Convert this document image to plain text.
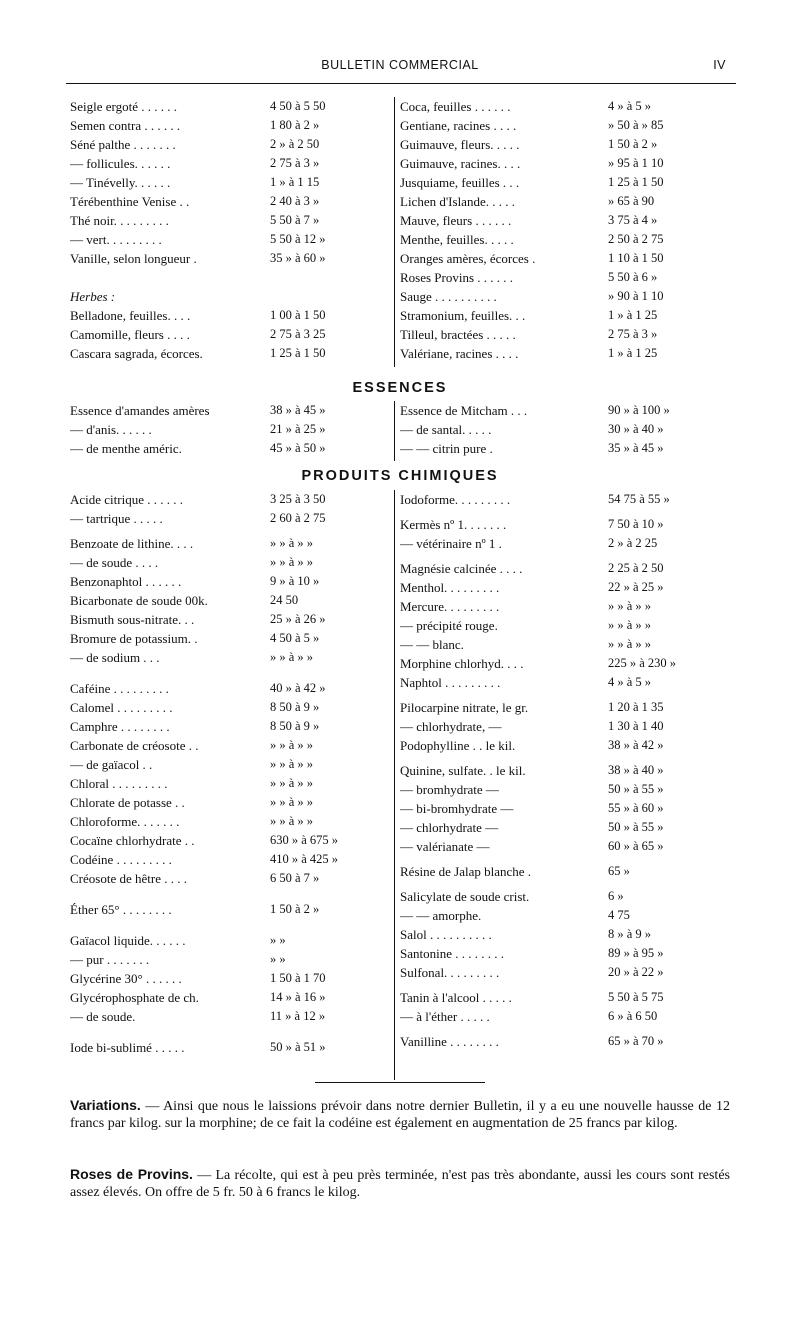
BULLETIN COMMERCIAL	IV
Seigle ergoté . . . . . .	4 50 à 5 50
Semen contra . . . . . .	1 80 à 2 »
Séné palthe . . . . . . .	2 » à 2 50
— follicules. . . . . .	2 75 à 3 »
— Tinévelly. . . . . .	1 » à 1 15
Térébenthine Venise . .	2 40 à 3 »
Thé noir. . . . . . . . .	5 50 à 7 »
— vert. . . . . . . . .	5 50 à 12 »
Vanille, selon longueur .	35 » à 60 »
Herbes :
Belladone, feuilles. . . .	1 00 à 1 50
Camomille, fleurs . . . .	2 75 à 3 25
Cascara sagrada, écorces.	1 25 à 1 50
Coca, feuilles . . . . . .	4 » à 5 »
Gentiane, racines . . . .	» 50 à » 85
Guimauve, fleurs. . . . .	1 50 à 2 »
Guimauve, racines. . . .	» 95 à 1 10
Jusquiame, feuilles . . .	1 25 à 1 50
Lichen d'Islande. . . . .	» 65 à 90
Mauve, fleurs . . . . . .	3 75 à 4 »
Menthe, feuilles. . . . .	2 50 à 2 75
Oranges amères, écorces .	1 10 à 1 50
Roses Provins . . . . . .	5 50 à 6 »
Sauge . . . . . . . . . .	» 90 à 1 10
Stramonium, feuilles. . .	1 » à 1 25
Tilleul, bractées . . . . .	2 75 à 3 »
Valériane, racines . . . .	1 » à 1 25
ESSENCES
Essence d'amandes amères	38 » à 45 »
— d'anis. . . . . .	21 » à 25 »
— de menthe améric.	45 » à 50 »
Essence de Mitcham . . .	90 » à 100 »
— de santal. . . . .	30 » à 40 »
— — citrin pure .	35 » à 45 »
PRODUITS CHIMIQUES
Acide citrique . . . . . .	3 25 à 3 50
— tartrique . . . . .	2 60 à 2 75
Benzoate de lithine. . . .	» » à » »
— de soude . . . .	» » à » »
Benzonaphtol . . . . . .	9 » à 10 »
Bicarbonate de soude 00k.	24 50
Bismuth sous-nitrate. . .	25 » à 26 »
Bromure de potassium. .	4 50 à 5 »
— de sodium . . .	» » à » »
Caféine . . . . . . . . .	40 » à 42 »
Calomel . . . . . . . . .	8 50 à 9 »
Camphre . . . . . . . .	8 50 à 9 »
Carbonate de créosote . .	» » à » »
— de gaïacol . .	» » à » »
Chloral . . . . . . . . .	» » à » »
Chlorate de potasse . .	» » à » »
Chloroforme. . . . . . .	» » à » »
Cocaïne chlorhydrate . .	630 » à 675 »
Codéine . . . . . . . . .	410 » à 425 »
Créosote de hêtre . . . .	6 50 à 7 »
Éther 65° . . . . . . . .	1 50 à 2 »
Gaïacol liquide. . . . . .	» »
— pur . . . . . . .	» »
Glycérine 30° . . . . . .	1 50 à 1 70
Glycérophosphate de ch.	14 » à 16 »
— de soude.	11 » à 12 »
Iode bi-sublimé . . . . .	50 » à 51 »
Iodoforme. . . . . . . . .	54 75 à 55 »
Kermès nº 1. . . . . . .	7 50 à 10 »
— vétérinaire nº 1 .	2 » à 2 25
Magnésie calcinée . . . .	2 25 à 2 50
Menthol. . . . . . . . .	22 » à 25 »
Mercure. . . . . . . . .	» » à » »
— précipité rouge.	» » à » »
— — blanc.	» » à » »
Morphine chlorhyd. . . .	225 » à 230 »
Naphtol . . . . . . . . .	4 » à 5 »
Pilocarpine nitrate, le gr.	1 20 à 1 35
— chlorhydrate, —	1 30 à 1 40
Podophylline . . le kil.	38 » à 42 »
Quinine, sulfate. . le kil.	38 » à 40 »
— bromhydrate —	50 » à 55 »
— bi-bromhydrate —	55 » à 60 »
— chlorhydrate —	50 » à 55 »
— valérianate —	60 » à 65 »
Résine de Jalap blanche .	65 »
Salicylate de soude crist.	6 »
— — amorphe.	4 75
Salol . . . . . . . . . .	8 » à 9 »
Santonine . . . . . . . .	89 » à 95 »
Sulfonal. . . . . . . . .	20 » à 22 »
Tanin à l'alcool . . . . .	5 50 à 5 75
— à l'éther . . . . .	6 » à 6 50
Vanilline . . . . . . . .	65 » à 70 »
Variations. — Ainsi que nous le laissions prévoir dans notre dernier Bulletin, il y a eu une nouvelle hausse de 12 francs par kilog. sur la morphine; de ce fait la codéine est également en augmentation de 25 francs par kilog.
Roses de Provins. — La récolte, qui est à peu près terminée, n'est pas très abondante, aussi les cours sont restés assez élevés. On offre de 5 fr. 50 à 6 francs le kilog.
